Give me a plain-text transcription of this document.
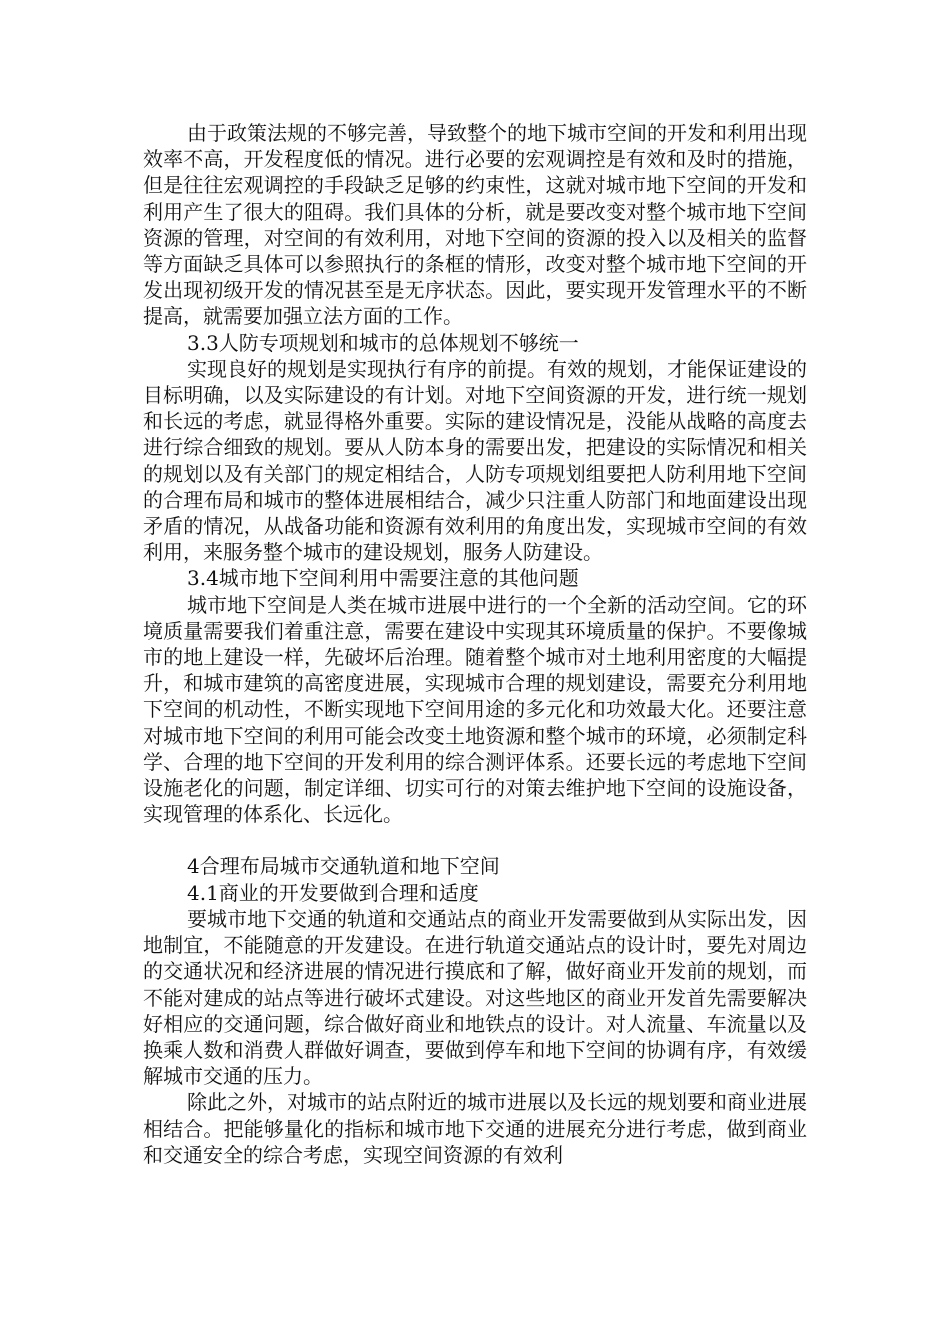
由于政策法规的不够完善，导致整个的地下城市空间的开发和利用出现效率不高，开发程度低的情况。进行必要的宏观调控是有效和及时的措施，但是往往宏观调控的手段缺乏足够的约束性，这就对城市地下空间的开发和利用产生了很大的阻碍。我们具体的分析，就是要改变对整个城市地下空间资源的管理，对空间的有效利用，对地下空间的资源的投入以及相关的监督等方面缺乏具体可以参照执行的条框的情形，改变对整个城市地下空间的开发出现初级开发的情况甚至是无序状态。因此，要实现开发管理水平的不断提高，就需要加强立法方面的工作。

3.3人防专项规划和城市的总体规划不够统一

实现良好的规划是实现执行有序的前提。有效的规划，才能保证建设的目标明确，以及实际建设的有计划。对地下空间资源的开发，进行统一规划和长远的考虑，就显得格外重要。实际的建设情况是，没能从战略的高度去进行综合细致的规划。要从人防本身的需要出发，把建设的实际情况和相关的规划以及有关部门的规定相结合，人防专项规划组要把人防利用地下空间的合理布局和城市的整体进展相结合，减少只注重人防部门和地面建设出现矛盾的情况，从战备功能和资源有效利用的角度出发，实现城市空间的有效利用，来服务整个城市的建设规划，服务人防建设。

3.4城市地下空间利用中需要注意的其他问题

城市地下空间是人类在城市进展中进行的一个全新的活动空间。它的环境质量需要我们着重注意，需要在建设中实现其环境质量的保护。不要像城市的地上建设一样，先破坏后治理。随着整个城市对土地利用密度的大幅提升，和城市建筑的高密度进展，实现城市合理的规划建设，需要充分利用地下空间的机动性，不断实现地下空间用途的多元化和功效最大化。还要注意对城市地下空间的利用可能会改变土地资源和整个城市的环境，必须制定科学、合理的地下空间的开发利用的综合测评体系。还要长远的考虑地下空间设施老化的问题，制定详细、切实可行的对策去维护地下空间的设施设备，实现管理的体系化、长远化。

4合理布局城市交通轨道和地下空间

4.1商业的开发要做到合理和适度

要城市地下交通的轨道和交通站点的商业开发需要做到从实际出发，因地制宜，不能随意的开发建设。在进行轨道交通站点的设计时，要先对周边的交通状况和经济进展的情况进行摸底和了解，做好商业开发前的规划，而不能对建成的站点等进行破坏式建设。对这些地区的商业开发首先需要解决好相应的交通问题，综合做好商业和地铁点的设计。对人流量、车流量以及换乘人数和消费人群做好调查，要做到停车和地下空间的协调有序，有效缓解城市交通的压力。

除此之外，对城市的站点附近的城市进展以及长远的规划要和商业进展相结合。把能够量化的指标和城市地下交通的进展充分进行考虑，做到商业和交通安全的综合考虑，实现空间资源的有效利
